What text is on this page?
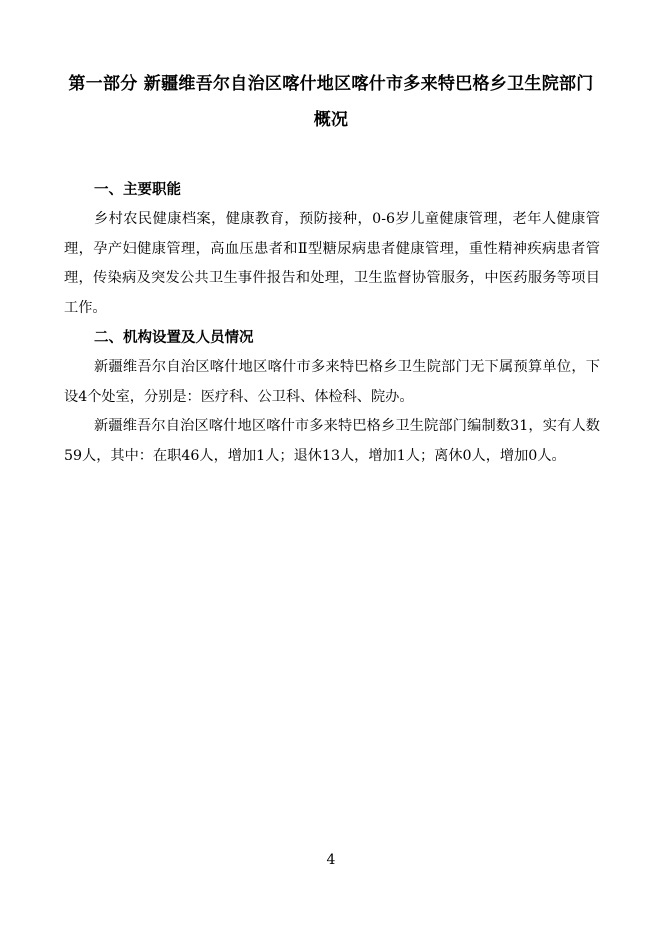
第一部分 新疆维吾尔自治区喀什地区喀什市多来特巴格乡卫生院部门概况

一、主要职能

乡村农民健康档案，健康教育，预防接种，0-6岁儿童健康管理，老年人健康管理，孕产妇健康管理，高血压患者和Ⅱ型糖尿病患者健康管理，重性精神疾病患者管理，传染病及突发公共卫生事件报告和处理，卫生监督协管服务，中医药服务等项目工作。

二、机构设置及人员情况

新疆维吾尔自治区喀什地区喀什市多来特巴格乡卫生院部门无下属预算单位，下设4个处室，分别是：医疗科、公卫科、体检科、院办。

新疆维吾尔自治区喀什地区喀什市多来特巴格乡卫生院部门编制数31，实有人数59人，其中：在职46人，增加1人；退休13人，增加1人；离休0人，增加0人。

4
